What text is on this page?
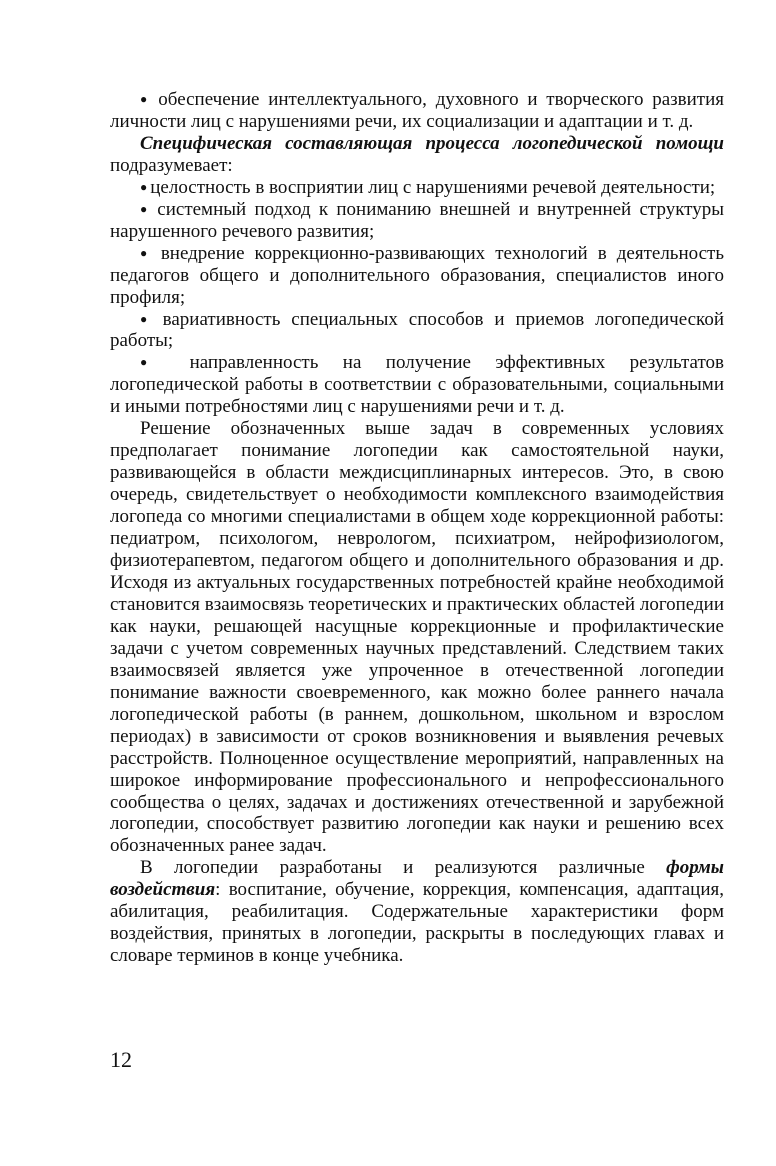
● обеспечение интеллектуального, духовного и творческого развития личности лиц с нарушениями речи, их социализации и адаптации и т. д.

Специфическая составляющая процесса логопедической помощи подразумевает:

● целостность в восприятии лиц с нарушениями речевой деятельности;

● системный подход к пониманию внешней и внутренней структуры нарушенного речевого развития;

● внедрение коррекционно-развивающих технологий в деятельность педагогов общего и дополнительного образования, специалистов иного профиля;

● вариативность специальных способов и приемов логопедической работы;

● направленность на получение эффективных результатов логопедической работы в соответствии с образовательными, социальными и иными потребностями лиц с нарушениями речи и т. д.

Решение обозначенных выше задач в современных условиях предполагает понимание логопедии как самостоятельной науки, развивающейся в области междисциплинарных интересов. Это, в свою очередь, свидетельствует о необходимости комплексного взаимодействия логопеда со многими специалистами в общем ходе коррекционной работы: педиатром, психологом, неврологом, психиатром, нейрофизиологом, физиотерапевтом, педагогом общего и дополнительного образования и др. Исходя из актуальных государственных потребностей крайне необходимой становится взаимосвязь теоретических и практических областей логопедии как науки, решающей насущные коррекционные и профилактические задачи с учетом современных научных представлений. Следствием таких взаимосвязей является уже упроченное в отечественной логопедии понимание важности своевременного, как можно более раннего начала логопедической работы (в раннем, дошкольном, школьном и взрослом периодах) в зависимости от сроков возникновения и выявления речевых расстройств. Полноценное осуществление мероприятий, направленных на широкое информирование профессионального и непрофессионального сообщества о целях, задачах и достижениях отечественной и зарубежной логопедии, способствует развитию логопедии как науки и решению всех обозначенных ранее задач.

В логопедии разработаны и реализуются различные формы воздействия: воспитание, обучение, коррекция, компенсация, адаптация, абилитация, реабилитация. Содержательные характеристики форм воздействия, принятых в логопедии, раскрыты в последующих главах и словаре терминов в конце учебника.

12
